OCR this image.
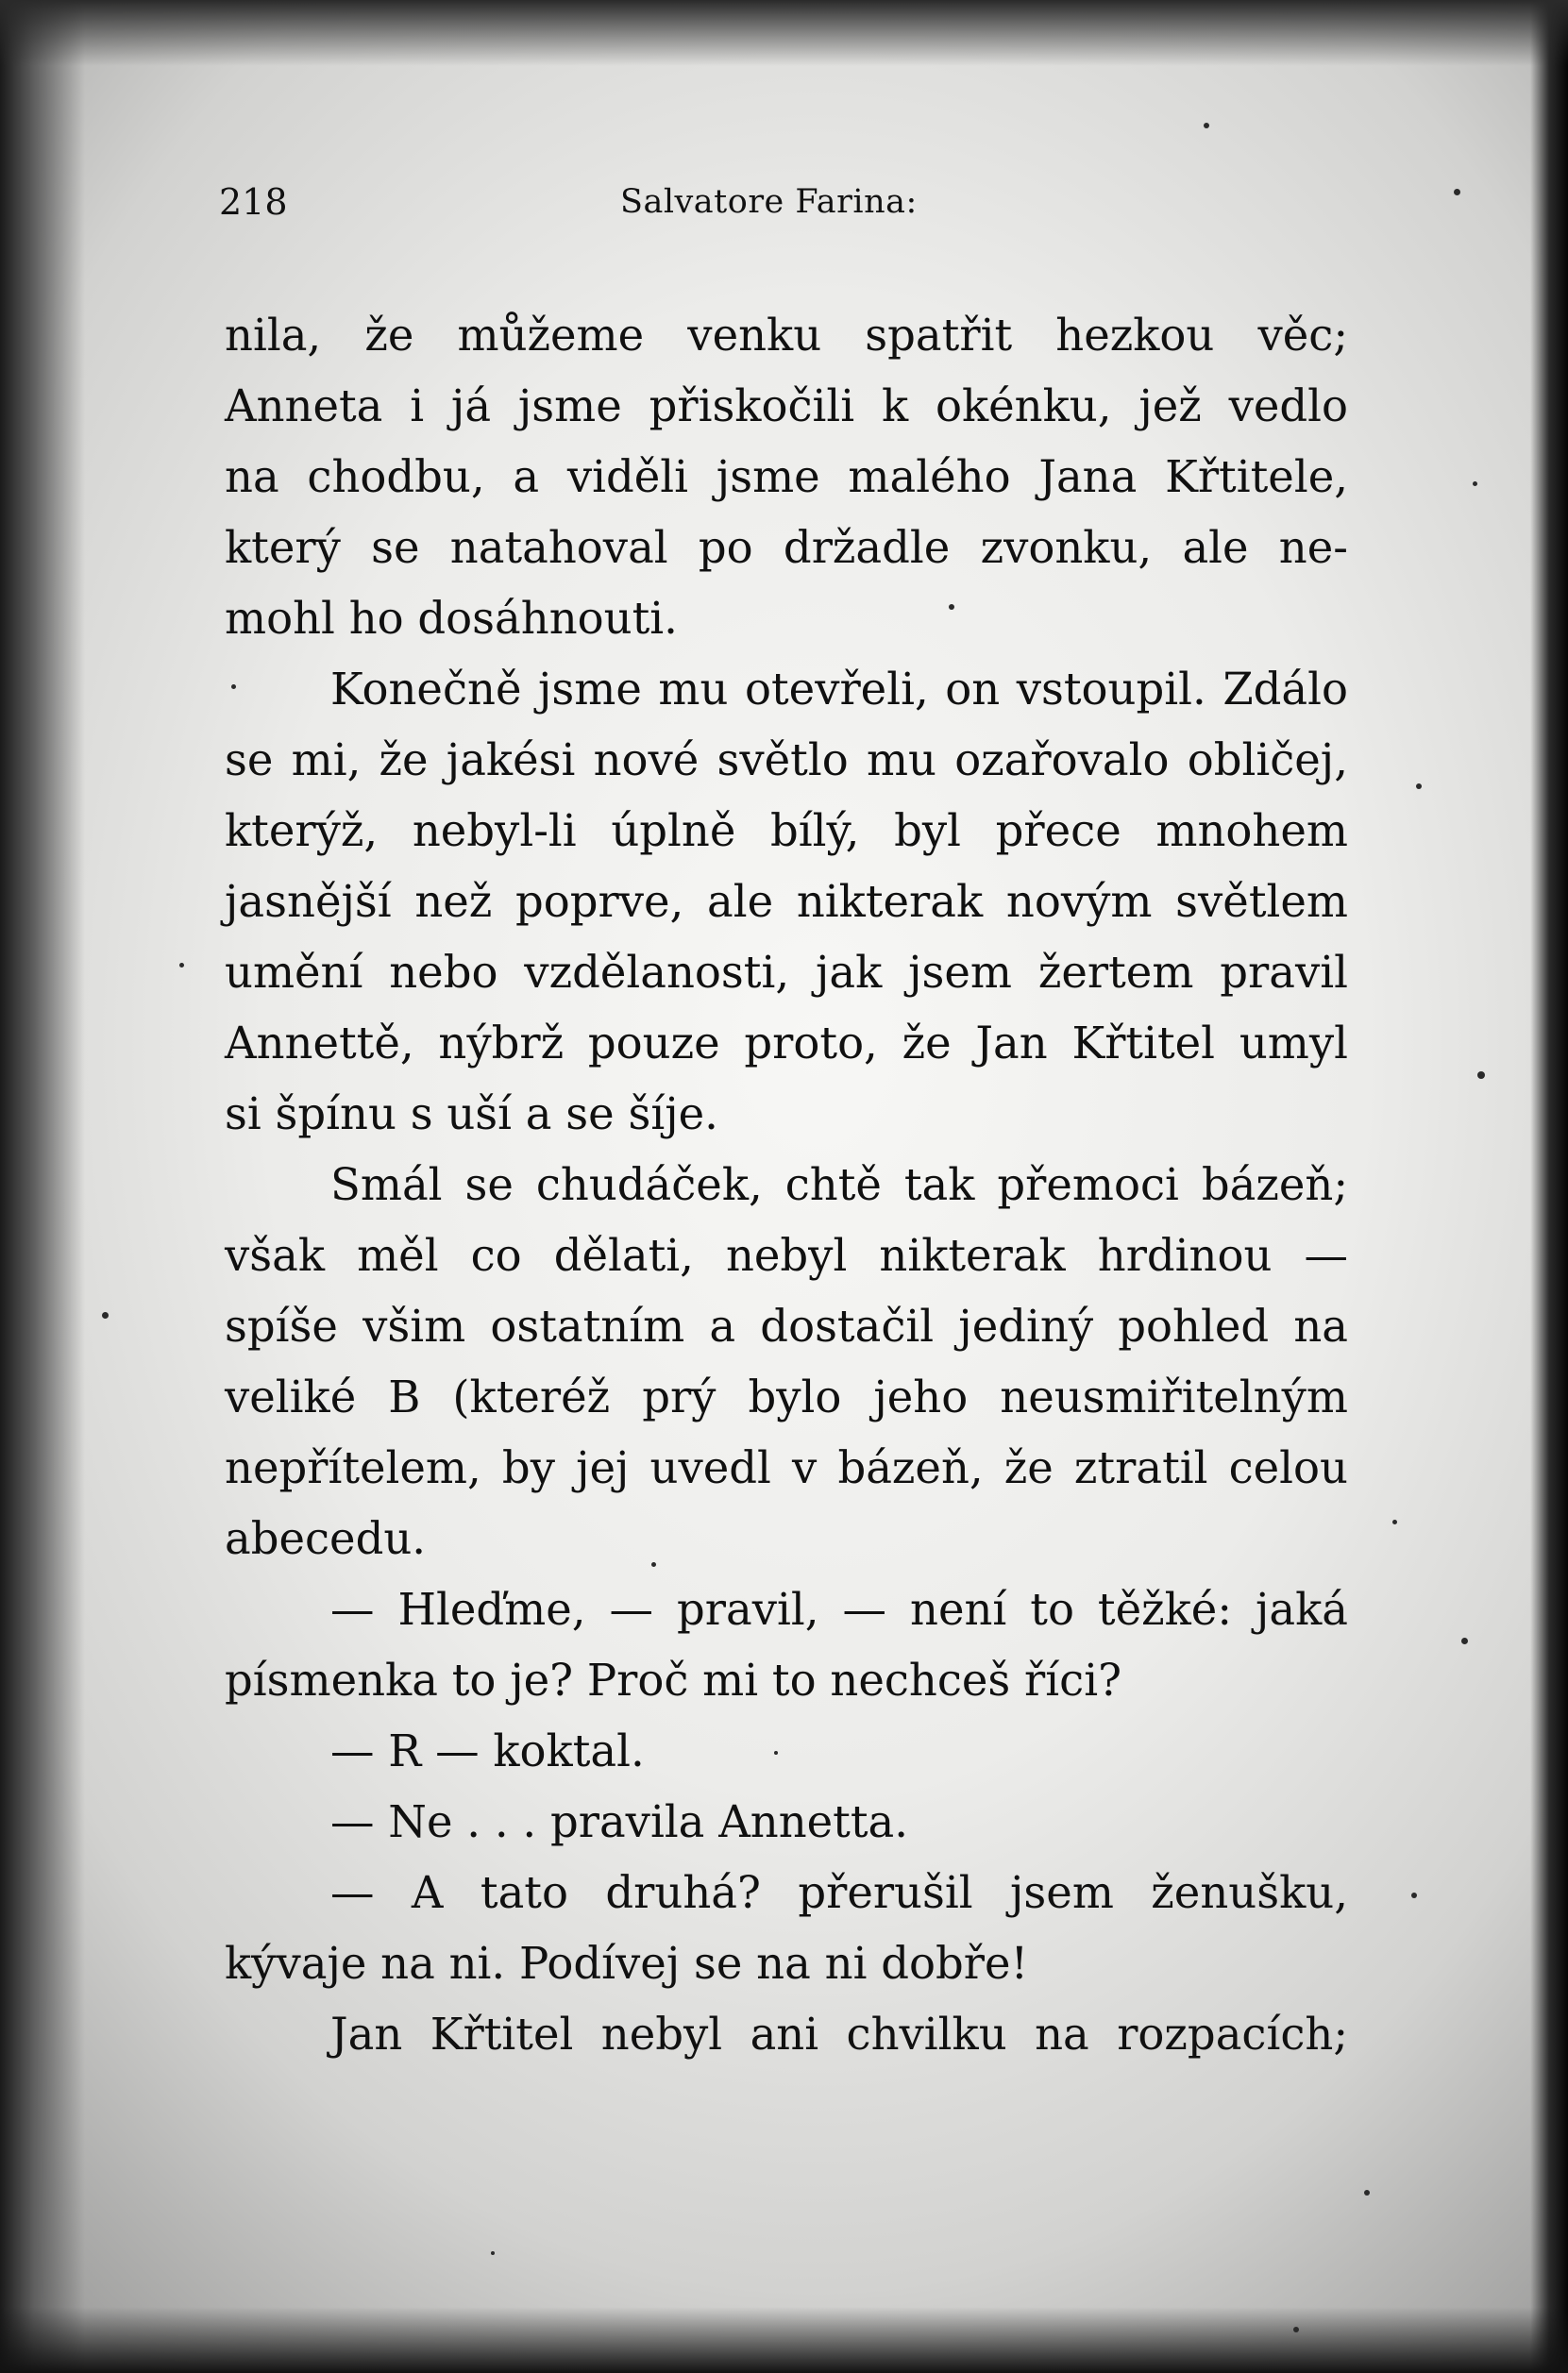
218	Salvatore Farina:
nila, že můžeme venku spatřit hezkou věc;
Anneta i já jsme přiskočili k okénku, jež vedlo
na chodbu, a viděli jsme malého Jana Křtitele,
který se natahoval po držadle zvonku, ale ne-
mohl ho dosáhnouti.
Konečně jsme mu otevřeli, on vstoupil. Zdálo
se mi, že jakési nové světlo mu ozařovalo obličej,
kterýž, nebyl-li úplně bílý, byl přece mnohem
jasnější než poprve, ale nikterak novým světlem
umění nebo vzdělanosti, jak jsem žertem pravil
Annettě, nýbrž pouze proto, že Jan Křtitel umyl
si špínu s uší a se šíje.
Smál se chudáček, chtě tak přemoci bázeň;
však měl co dělati, nebyl nikterak hrdinou —
spíše všim ostatním a dostačil jediný pohled na
veliké B (kteréž prý bylo jeho neusmiřitelným
nepřítelem, by jej uvedl v bázeň, že ztratil celou
abecedu.
— Hleďme, — pravil, — není to těžké: jaká
písmenka to je? Proč mi to nechceš říci?
— R — koktal.
— Ne . . . pravila Annetta.
— A tato druhá? přerušil jsem ženušku,
kývaje na ni. Podívej se na ni dobře!
Jan Křtitel nebyl ani chvilku na rozpacích;
